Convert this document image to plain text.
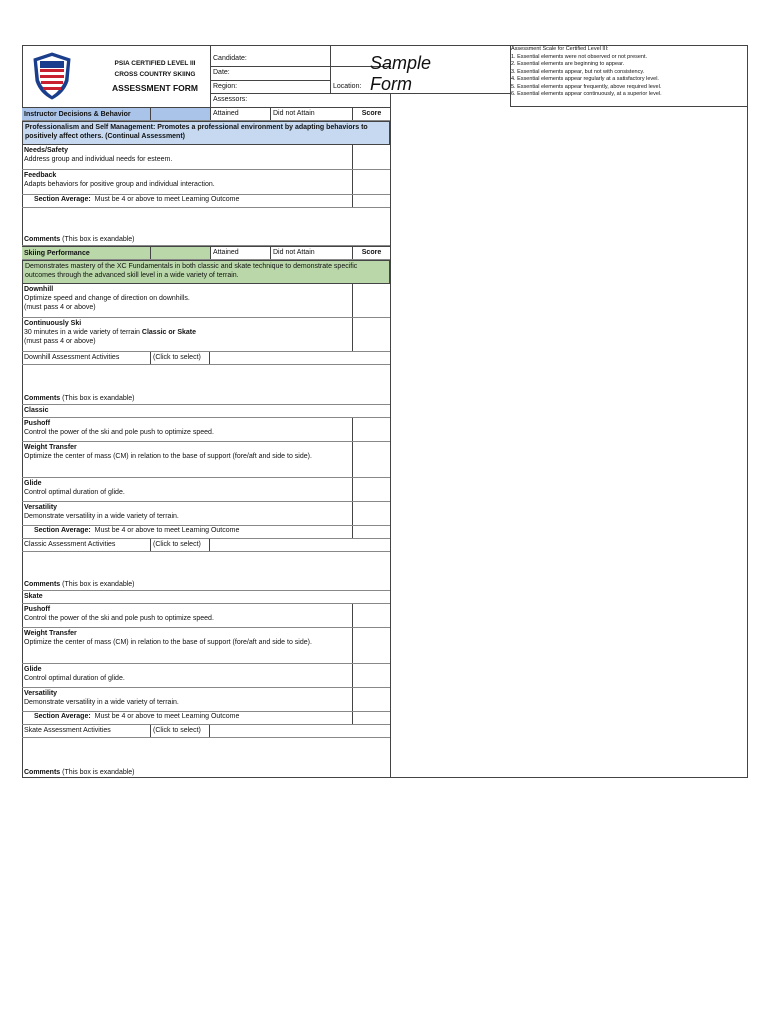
PSIA CERTIFIED LEVEL III
CROSS COUNTRY SKIING
ASSESSMENT FORM
Candidate:
Date:
Region:
Assessors:
Location:
Sample Form
Assessment Scale for Certified Level III:
1. Essential elements were not observed or not present.
2. Essential elements are beginning to appear.
3. Essential elements appear, but not with consistency.
4. Essential elements appear regularly at a satisfactory level.
5. Essential elements appear frequently, above required level.
6. Essential elements appear continuously, at a superior level.
Instructor Decisions & Behavior	Attained	Did not Attain	Score
Professionalism and Self Management: Promotes a professional environment by adapting behaviors to positively affect others. (Continual Assessment)
Needs/Safety
Address group and individual needs for esteem.
Feedback
Adapts behaviors for positive group and individual interaction.
Section Average: Must be 4 or above to meet Learning Outcome
Comments (This box is exandable)
Skiing Performance	Attained	Did not Attain	Score
Demonstrates mastery of the XC Fundamentals in both classic and skate technique to demonstrate specific outcomes through the advanced skill level in a wide variety of terrain.
Downhill
Optimize speed and change of direction on downhills.
(must pass 4 or above)
Continuously Ski
30 minutes in a wide variety of terrain Classic or Skate
(must pass 4 or above)
Downhill Assessment Activities	(Click to select)
Comments (This box is exandable)
Classic
Pushoff
Control the power of the ski and pole push to optimize speed.
Weight Transfer
Optimize the center of mass (CM) in relation to the base of support (fore/aft and side to side).
Glide
Control optimal duration of glide.
Versatility
Demonstrate versatility in a wide variety of terrain.
Section Average: Must be 4 or above to meet Learning Outcome
Classic Assessment Activities	(Click to select)
Comments (This box is exandable)
Skate
Pushoff
Control the power of the ski and pole push to optimize speed.
Weight Transfer
Optimize the center of mass (CM) in relation to the base of support (fore/aft and side to side).
Glide
Control optimal duration of glide.
Versatility
Demonstrate versatility in a wide variety of terrain.
Section Average: Must be 4 or above to meet Learning Outcome
Skate Assessment Activities	(Click to select)
Comments (This box is exandable)
